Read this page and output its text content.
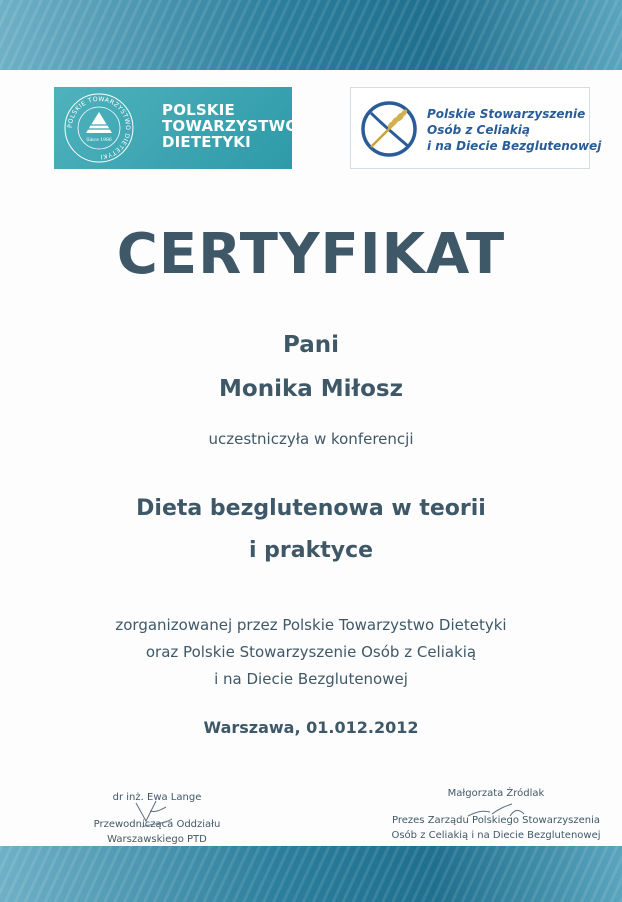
POLSKIE TOWARZYSTWO DIETETYKI
Since 1986
POLSKIE
TOWARZYSTWO
DIETETYKI
Polskie Stowarzyszenie
Osób z Celiakią
i na Diecie Bezglutenowej
CERTYFIKAT
Pani
Monika Miłosz
uczestniczyła w konferencji
Dieta bezglutenowa w teorii
i praktyce
zorganizowanej przez Polskie Towarzystwo Dietetyki
oraz Polskie Stowarzyszenie Osób z Celiakią
i na Diecie Bezglutenowej
Warszawa, 01.012.2012
dr inż. Ewa Lange
Przewodnicząca Oddziału
Warszawskiego PTD
Małgorzata Źródlak
Prezes Zarządu Polskiego Stowarzyszenia
Osób z Celiakią i na Diecie Bezglutenowej
